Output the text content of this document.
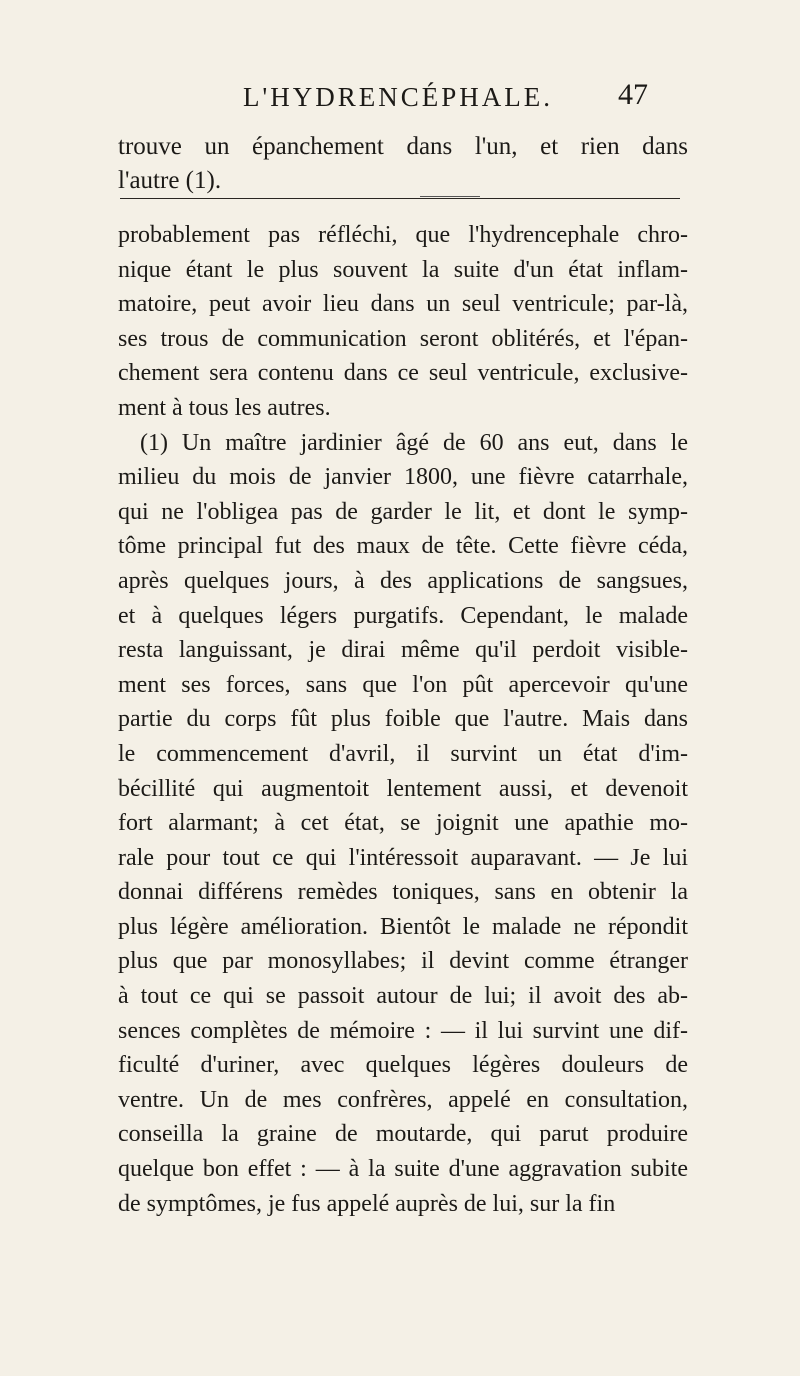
L'HYDRENCÉPHALE.	47
trouve un épanchement dans l'un, et rien dans
l'autre (1).
probablement pas réfléchi, que l'hydrencephale chro-
nique étant le plus souvent la suite d'un état inflam-
matoire, peut avoir lieu dans un seul ventricule; par-là,
ses trous de communication seront oblitérés, et l'épan-
chement sera contenu dans ce seul ventricule, exclusive-
ment à tous les autres.
(1) Un maître jardinier âgé de 60 ans eut, dans le
milieu du mois de janvier 1800, une fièvre catarrhale,
qui ne l'obligea pas de garder le lit, et dont le symp-
tôme principal fut des maux de tête. Cette fièvre céda,
après quelques jours, à des applications de sangsues,
et à quelques légers purgatifs. Cependant, le malade
resta languissant, je dirai même qu'il perdoit visible-
ment ses forces, sans que l'on pût apercevoir qu'une
partie du corps fût plus foible que l'autre. Mais dans
le commencement d'avril, il survint un état d'im-
bécillité qui augmentoit lentement aussi, et devenoit
fort alarmant; à cet état, se joignit une apathie mo-
rale pour tout ce qui l'intéressoit auparavant. — Je lui
donnai différens remèdes toniques, sans en obtenir la
plus légère amélioration. Bientôt le malade ne répondit
plus que par monosyllabes; il devint comme étranger
à tout ce qui se passoit autour de lui; il avoit des ab-
sences complètes de mémoire : — il lui survint une dif-
ficulté d'uriner, avec quelques légères douleurs de
ventre. Un de mes confrères, appelé en consultation,
conseilla la graine de moutarde, qui parut produire
quelque bon effet : — à la suite d'une aggravation subite
de symptômes, je fus appelé auprès de lui, sur la fin
